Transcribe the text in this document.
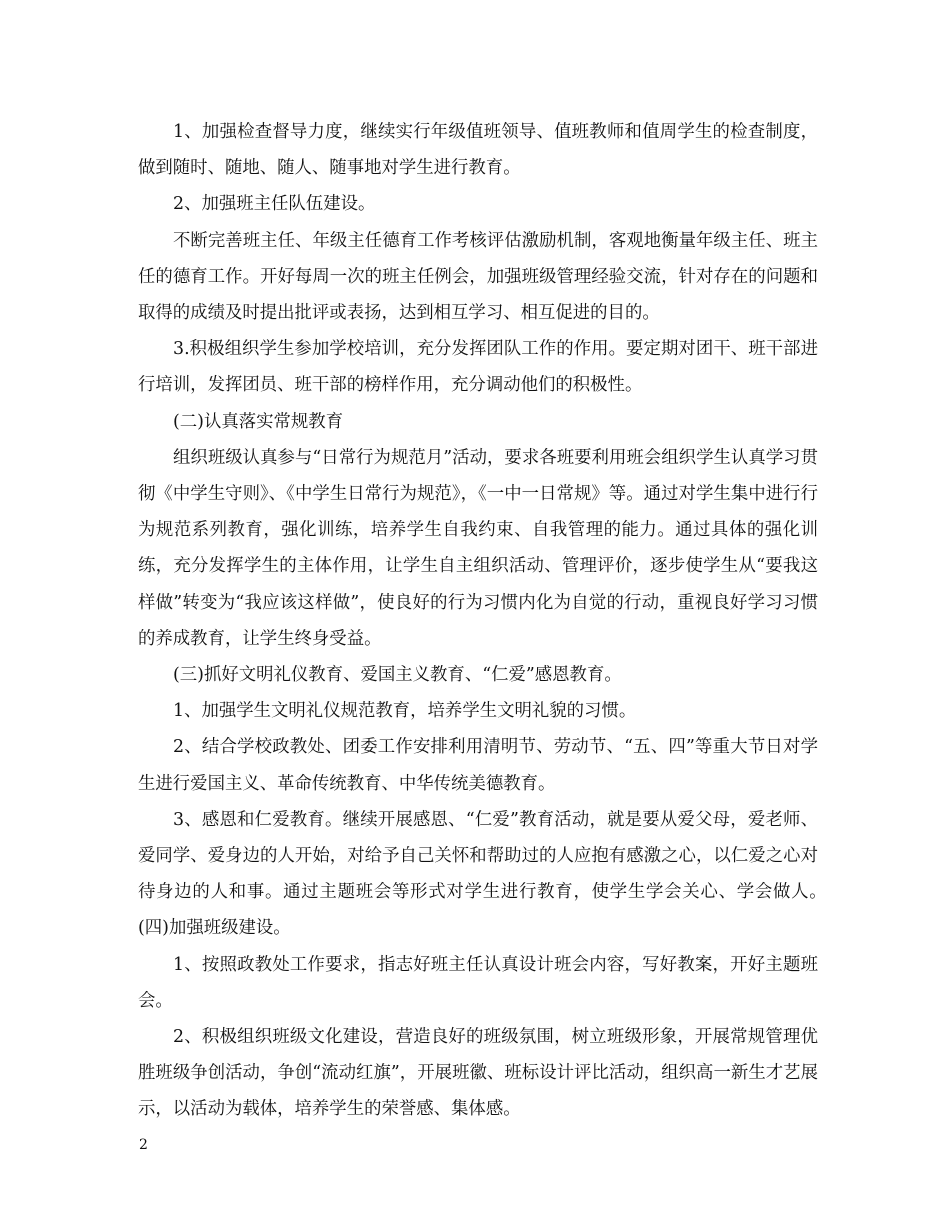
1、加强检查督导力度，继续实行年级值班领导、值班教师和值周学生的检查制度，做到随时、随地、随人、随事地对学生进行教育。

2、加强班主任队伍建设。

不断完善班主任、年级主任德育工作考核评估激励机制，客观地衡量年级主任、班主任的德育工作。开好每周一次的班主任例会，加强班级管理经验交流，针对存在的问题和取得的成绩及时提出批评或表扬，达到相互学习、相互促进的目的。

3.积极组织学生参加学校培训，充分发挥团队工作的作用。要定期对团干、班干部进行培训，发挥团员、班干部的榜样作用，充分调动他们的积极性。

(二)认真落实常规教育

组织班级认真参与“日常行为规范月”活动，要求各班要利用班会组织学生认真学习贯彻《中学生守则》、《中学生日常行为规范》，《一中一日常规》等。通过对学生集中进行行为规范系列教育，强化训练，培养学生自我约束、自我管理的能力。通过具体的强化训练，充分发挥学生的主体作用，让学生自主组织活动、管理评价，逐步使学生从“要我这样做”转变为“我应该这样做”，使良好的行为习惯内化为自觉的行动，重视良好学习习惯的养成教育，让学生终身受益。

(三)抓好文明礼仪教育、爱国主义教育、“仁爱”感恩教育。

1、加强学生文明礼仪规范教育，培养学生文明礼貌的习惯。

2、结合学校政教处、团委工作安排利用清明节、劳动节、“五、四”等重大节日对学生进行爱国主义、革命传统教育、中华传统美德教育。

3、感恩和仁爱教育。继续开展感恩、“仁爱”教育活动，就是要从爱父母，爱老师、爱同学、爱身边的人开始，对给予自己关怀和帮助过的人应抱有感激之心，以仁爱之心对待身边的人和事。通过主题班会等形式对学生进行教育，使学生学会关心、学会做人。　　　(四)加强班级建设。

1、按照政教处工作要求，指志好班主任认真设计班会内容，写好教案，开好主题班会。

2、积极组织班级文化建设，营造良好的班级氛围，树立班级形象，开展常规管理优胜班级争创活动，争创“流动红旗”，开展班徽、班标设计评比活动，组织高一新生才艺展示，以活动为载体，培养学生的荣誉感、集体感。

2
